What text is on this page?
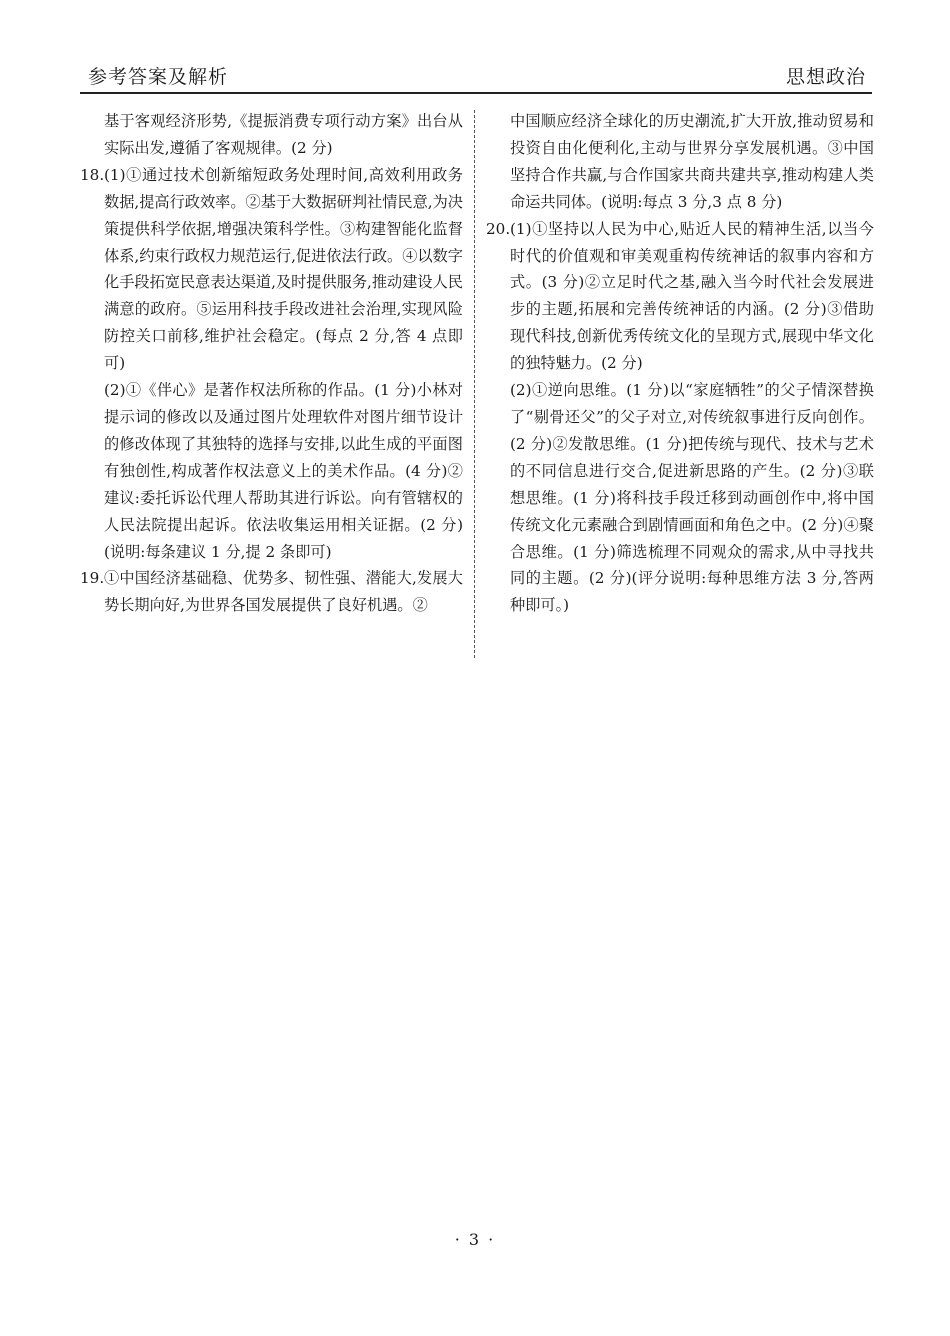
参考答案及解析	思想政治

基于客观经济形势,《提振消费专项行动方案》出台从实际出发,遵循了客观规律。(2 分)

18. (1)①通过技术创新缩短政务处理时间,高效利用政务数据,提高行政效率。②基于大数据研判社情民意,为决策提供科学依据,增强决策科学性。③构建智能化监督体系,约束行政权力规范运行,促进依法行政。④以数字化手段拓宽民意表达渠道,及时提供服务,推动建设人民满意的政府。⑤运用科技手段改进社会治理,实现风险防控关口前移,维护社会稳定。(每点 2 分,答 4 点即可)

(2)①《伴心》是著作权法所称的作品。(1 分)小林对提示词的修改以及通过图片处理软件对图片细节设计的修改体现了其独特的选择与安排,以此生成的平面图有独创性,构成著作权法意义上的美术作品。(4 分)②建议:委托诉讼代理人帮助其进行诉讼。向有管辖权的人民法院提出起诉。依法收集运用相关证据。(2 分)(说明:每条建议 1 分,提 2 条即可)

19. ①中国经济基础稳、优势多、韧性强、潜能大,发展大势长期向好,为世界各国发展提供了良好机遇。②

中国顺应经济全球化的历史潮流,扩大开放,推动贸易和投资自由化便利化,主动与世界分享发展机遇。③中国坚持合作共赢,与合作国家共商共建共享,推动构建人类命运共同体。(说明:每点 3 分,3 点 8 分)

20. (1)①坚持以人民为中心,贴近人民的精神生活,以当今时代的价值观和审美观重构传统神话的叙事内容和方式。(3 分)②立足时代之基,融入当今时代社会发展进步的主题,拓展和完善传统神话的内涵。(2 分)③借助现代科技,创新优秀传统文化的呈现方式,展现中华文化的独特魅力。(2 分)

(2)①逆向思维。(1 分)以“家庭牺牲”的父子情深替换了“剔骨还父”的父子对立,对传统叙事进行反向创作。(2 分)②发散思维。(1 分)把传统与现代、技术与艺术的不同信息进行交合,促进新思路的产生。(2 分)③联想思维。(1 分)将科技手段迁移到动画创作中,将中国传统文化元素融合到剧情画面和角色之中。(2 分)④聚合思维。(1 分)筛选梳理不同观众的需求,从中寻找共同的主题。(2 分)(评分说明:每种思维方法 3 分,答两种即可。)

· 3 ·
